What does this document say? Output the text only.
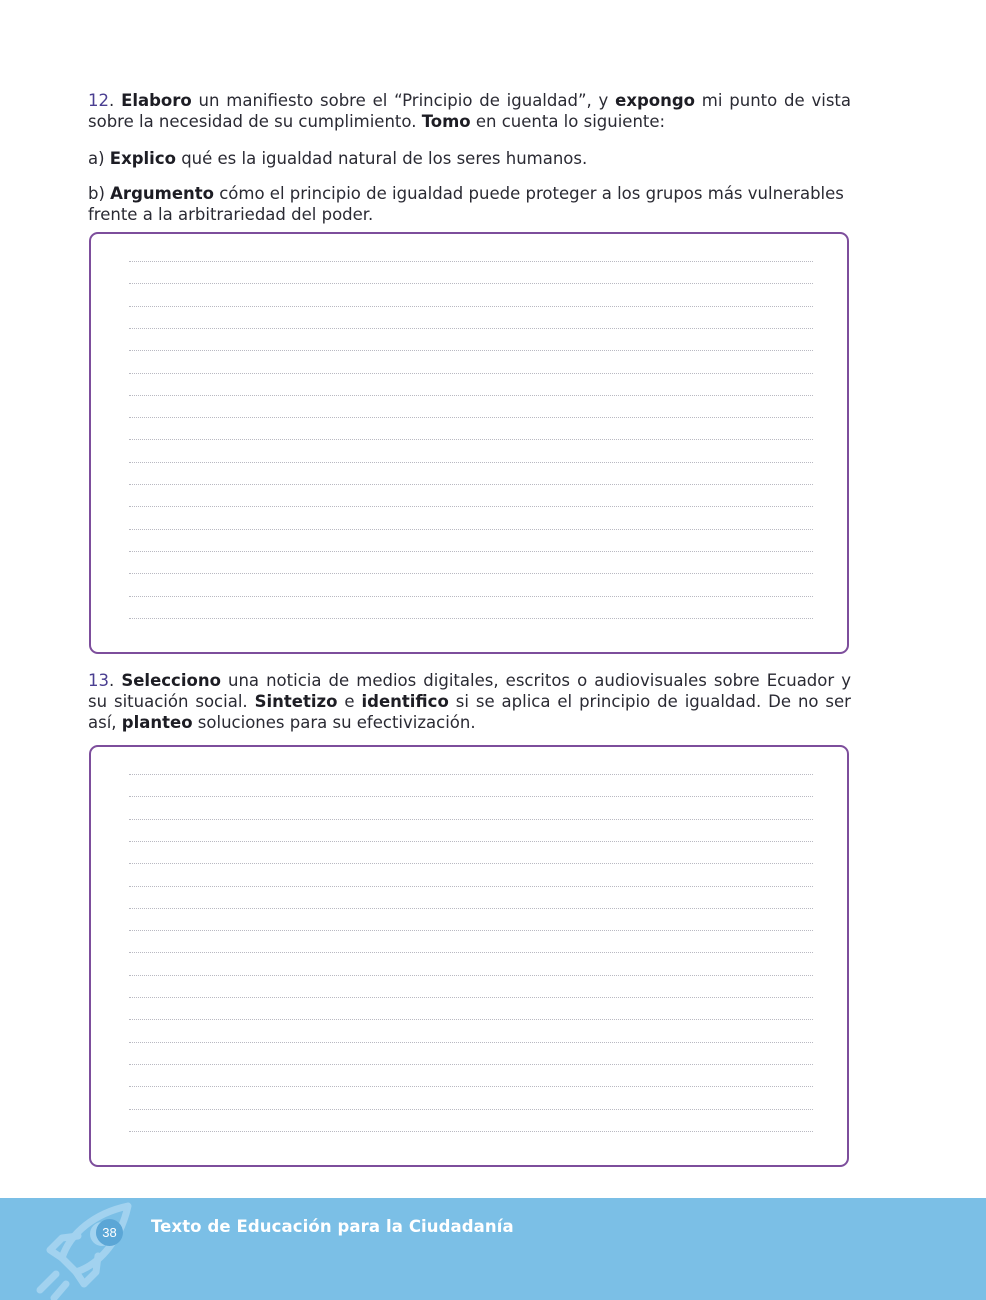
12. Elaboro un manifiesto sobre el “Principio de igualdad”, y expongo mi punto de vista sobre la necesidad de su cumplimiento. Tomo en cuenta lo siguiente:
a) Explico qué es la igualdad natural de los seres humanos.
b) Argumento cómo el principio de igualdad puede proteger a los grupos más vulnerables frente a la arbitrariedad del poder.
13. Selecciono una noticia de medios digitales, escritos o audiovisuales sobre Ecuador y su situación social. Sintetizo e identifico si se aplica el principio de igualdad. De no ser así, planteo soluciones para su efectivización.
38	Texto de Educación para la Ciudadanía
